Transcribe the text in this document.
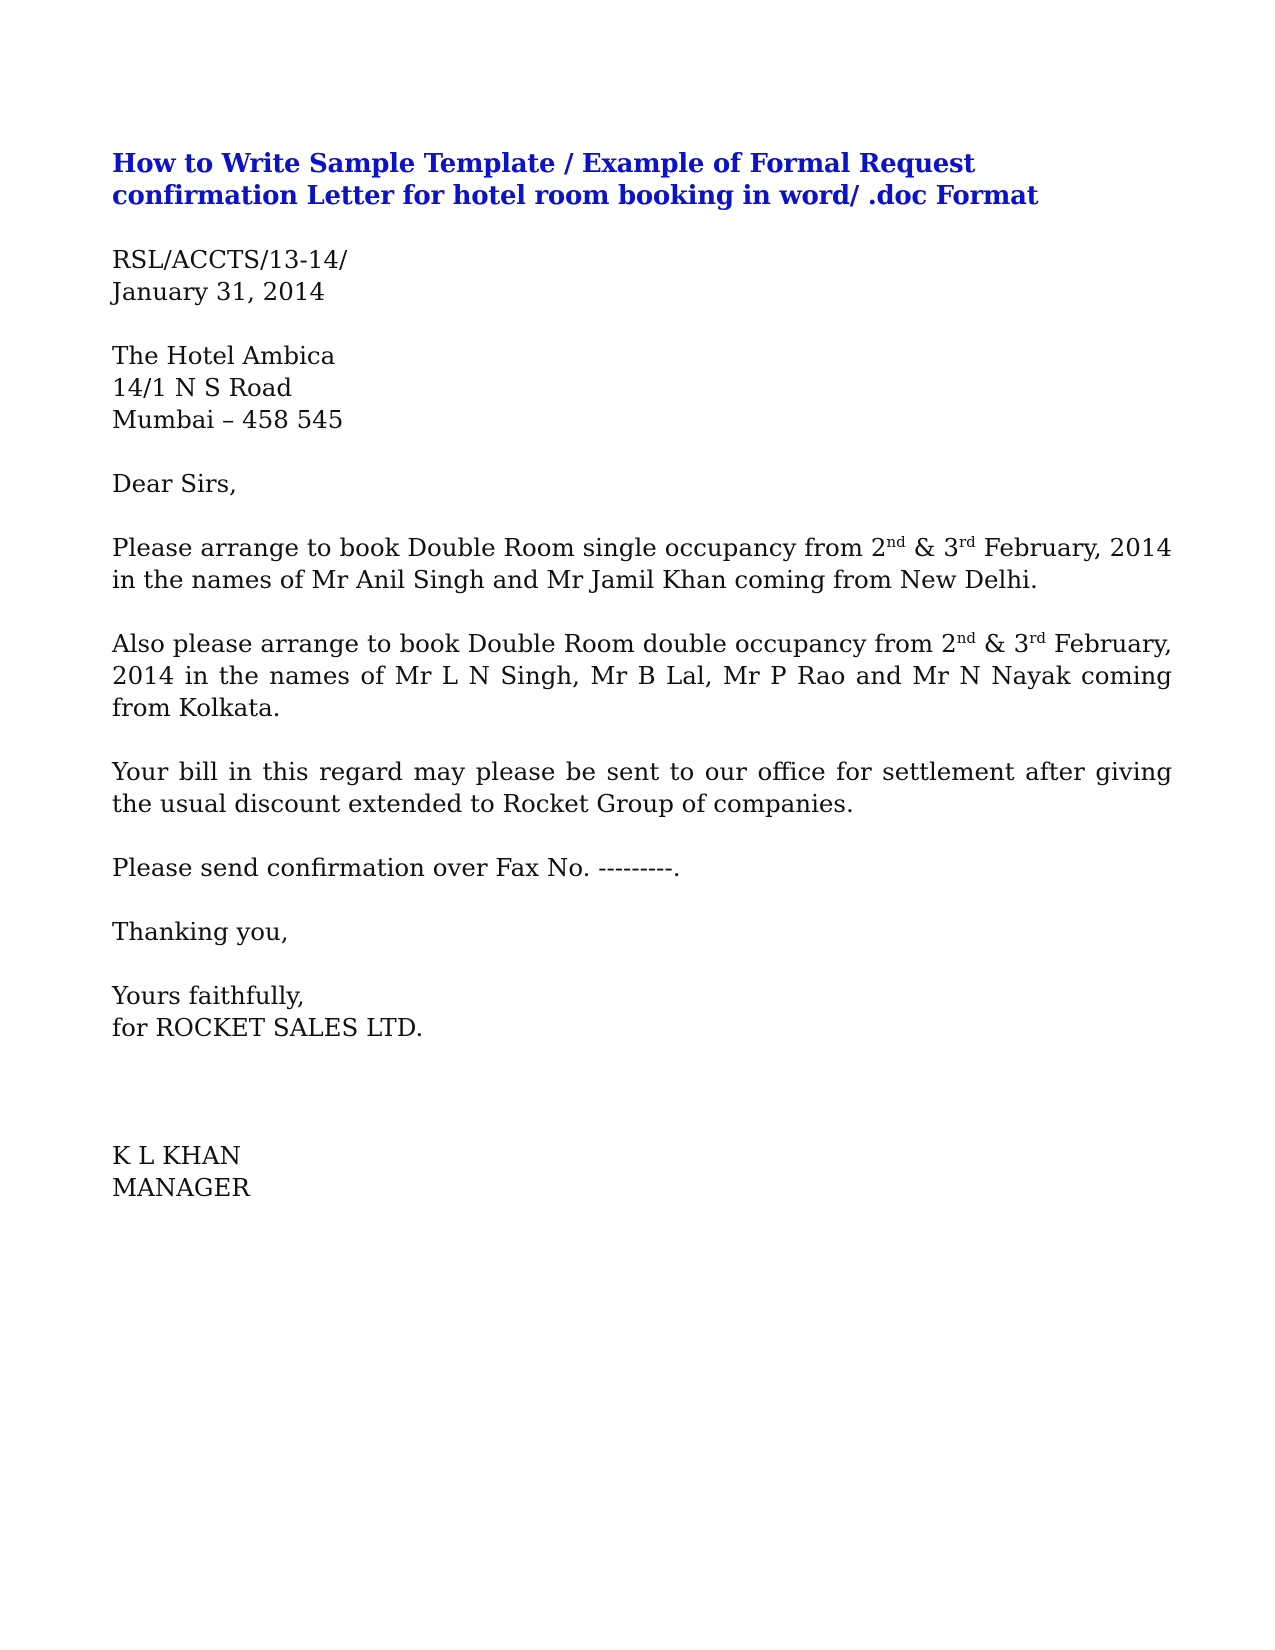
How to Write Sample Template / Example of Formal Request
confirmation Letter for hotel room booking in word/ .doc Format

RSL/ACCTS/13-14/
January 31, 2014

The Hotel Ambica
14/1 N S Road
Mumbai – 458 545

Dear Sirs,

Please arrange to book Double Room single occupancy from 2nd & 3rd February, 2014 in the names of Mr Anil Singh and Mr Jamil Khan coming from New Delhi.

Also please arrange to book Double Room double occupancy from 2nd & 3rd February, 2014 in the names of Mr L N Singh, Mr B Lal, Mr P Rao and Mr N Nayak coming from Kolkata.

Your bill in this regard may please be sent to our office for settlement after giving the usual discount extended to Rocket Group of companies.

Please send confirmation over Fax No. ---------.

Thanking you,

Yours faithfully,
for ROCKET SALES LTD.

K L KHAN
MANAGER
